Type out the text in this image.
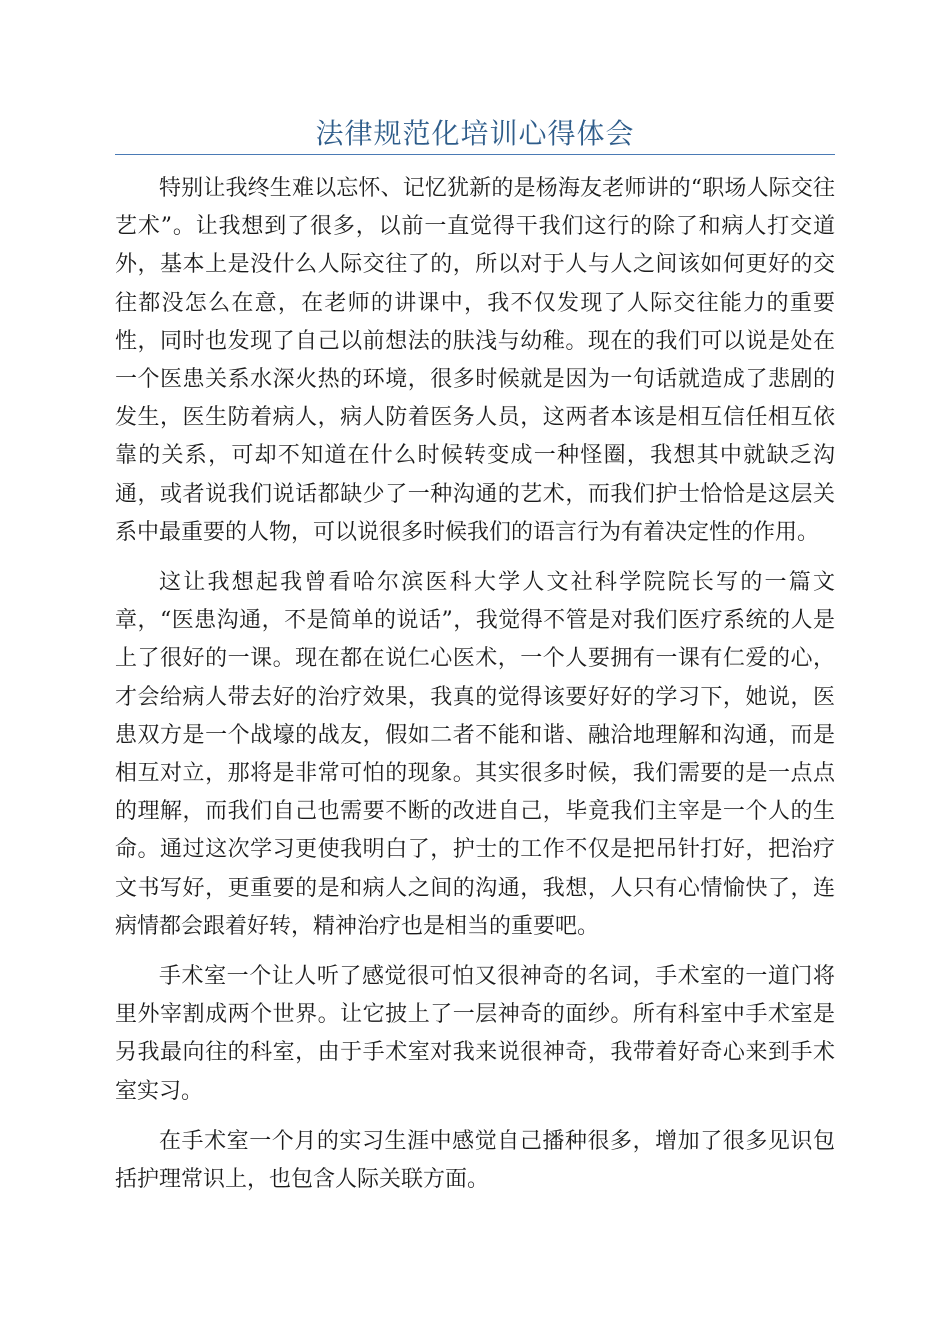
法律规范化培训心得体会

特别让我终生难以忘怀、记忆犹新的是杨海友老师讲的“职场人际交往艺术”。让我想到了很多，以前一直觉得干我们这行的除了和病人打交道外，基本上是没什么人际交往了的，所以对于人与人之间该如何更好的交往都没怎么在意，在老师的讲课中，我不仅发现了人际交往能力的重要性，同时也发现了自己以前想法的肤浅与幼稚。现在的我们可以说是处在一个医患关系水深火热的环境，很多时候就是因为一句话就造成了悲剧的发生，医生防着病人，病人防着医务人员，这两者本该是相互信任相互依靠的关系，可却不知道在什么时候转变成一种怪圈，我想其中就缺乏沟通，或者说我们说话都缺少了一种沟通的艺术，而我们护士恰恰是这层关系中最重要的人物，可以说很多时候我们的语言行为有着决定性的作用。

这让我想起我曾看哈尔滨医科大学人文社科学院院长写的一篇文章，“医患沟通，不是简单的说话”，我觉得不管是对我们医疗系统的人是上了很好的一课。现在都在说仁心医术，一个人要拥有一课有仁爱的心，才会给病人带去好的治疗效果，我真的觉得该要好好的学习下，她说，医患双方是一个战壕的战友，假如二者不能和谐、融洽地理解和沟通，而是相互对立，那将是非常可怕的现象。其实很多时候，我们需要的是一点点的理解，而我们自己也需要不断的改进自己，毕竟我们主宰是一个人的生命。通过这次学习更使我明白了，护士的工作不仅是把吊针打好，把治疗文书写好，更重要的是和病人之间的沟通，我想，人只有心情愉快了，连病情都会跟着好转，精神治疗也是相当的重要吧。

手术室一个让人听了感觉很可怕又很神奇的名词，手术室的一道门将里外宰割成两个世界。让它披上了一层神奇的面纱。所有科室中手术室是另我最向往的科室，由于手术室对我来说很神奇，我带着好奇心来到手术室实习。

在手术室一个月的实习生涯中感觉自己播种很多，增加了很多见识包括护理常识上，也包含人际关联方面。
